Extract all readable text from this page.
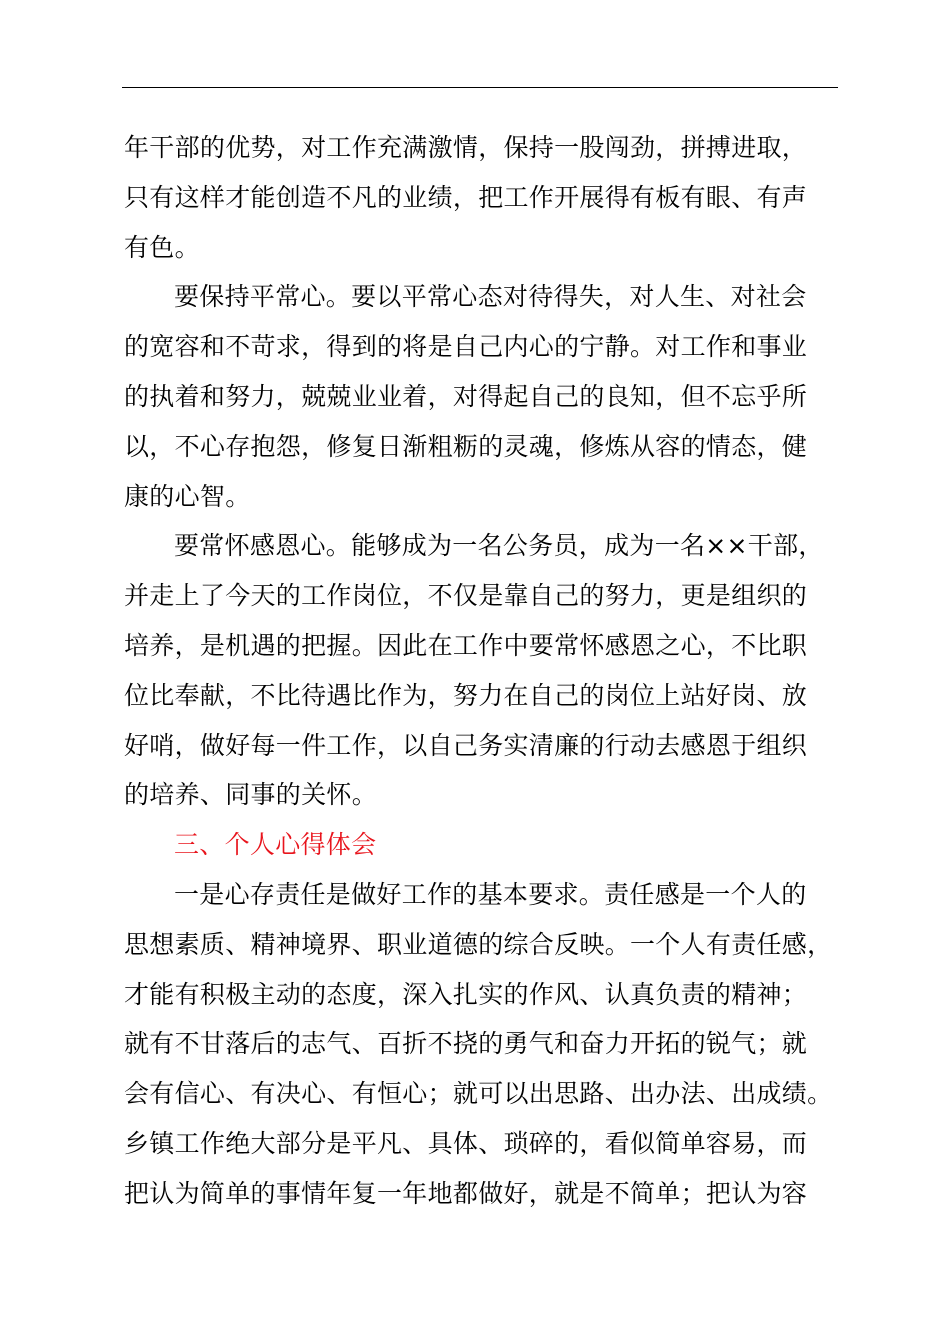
年干部的优势，对工作充满激情，保持一股闯劲，拼搏进取，
只有这样才能创造不凡的业绩，把工作开展得有板有眼、有声
有色。
要保持平常心。要以平常心态对待得失，对人生、对社会
的宽容和不苛求，得到的将是自己内心的宁静。对工作和事业
的执着和努力，兢兢业业着，对得起自己的良知，但不忘乎所
以，不心存抱怨，修复日渐粗粝的灵魂，修炼从容的情态，健
康的心智。
要常怀感恩心。能够成为一名公务员，成为一名××干部，
并走上了今天的工作岗位，不仅是靠自己的努力，更是组织的
培养，是机遇的把握。因此在工作中要常怀感恩之心，不比职
位比奉献，不比待遇比作为，努力在自己的岗位上站好岗、放
好哨，做好每一件工作，以自己务实清廉的行动去感恩于组织
的培养、同事的关怀。
三、个人心得体会
一是心存责任是做好工作的基本要求。责任感是一个人的
思想素质、精神境界、职业道德的综合反映。一个人有责任感，
才能有积极主动的态度，深入扎实的作风、认真负责的精神；
就有不甘落后的志气、百折不挠的勇气和奋力开拓的锐气；就
会有信心、有决心、有恒心；就可以出思路、出办法、出成绩。
乡镇工作绝大部分是平凡、具体、琐碎的，看似简单容易，而
把认为简单的事情年复一年地都做好，就是不简单；把认为容
